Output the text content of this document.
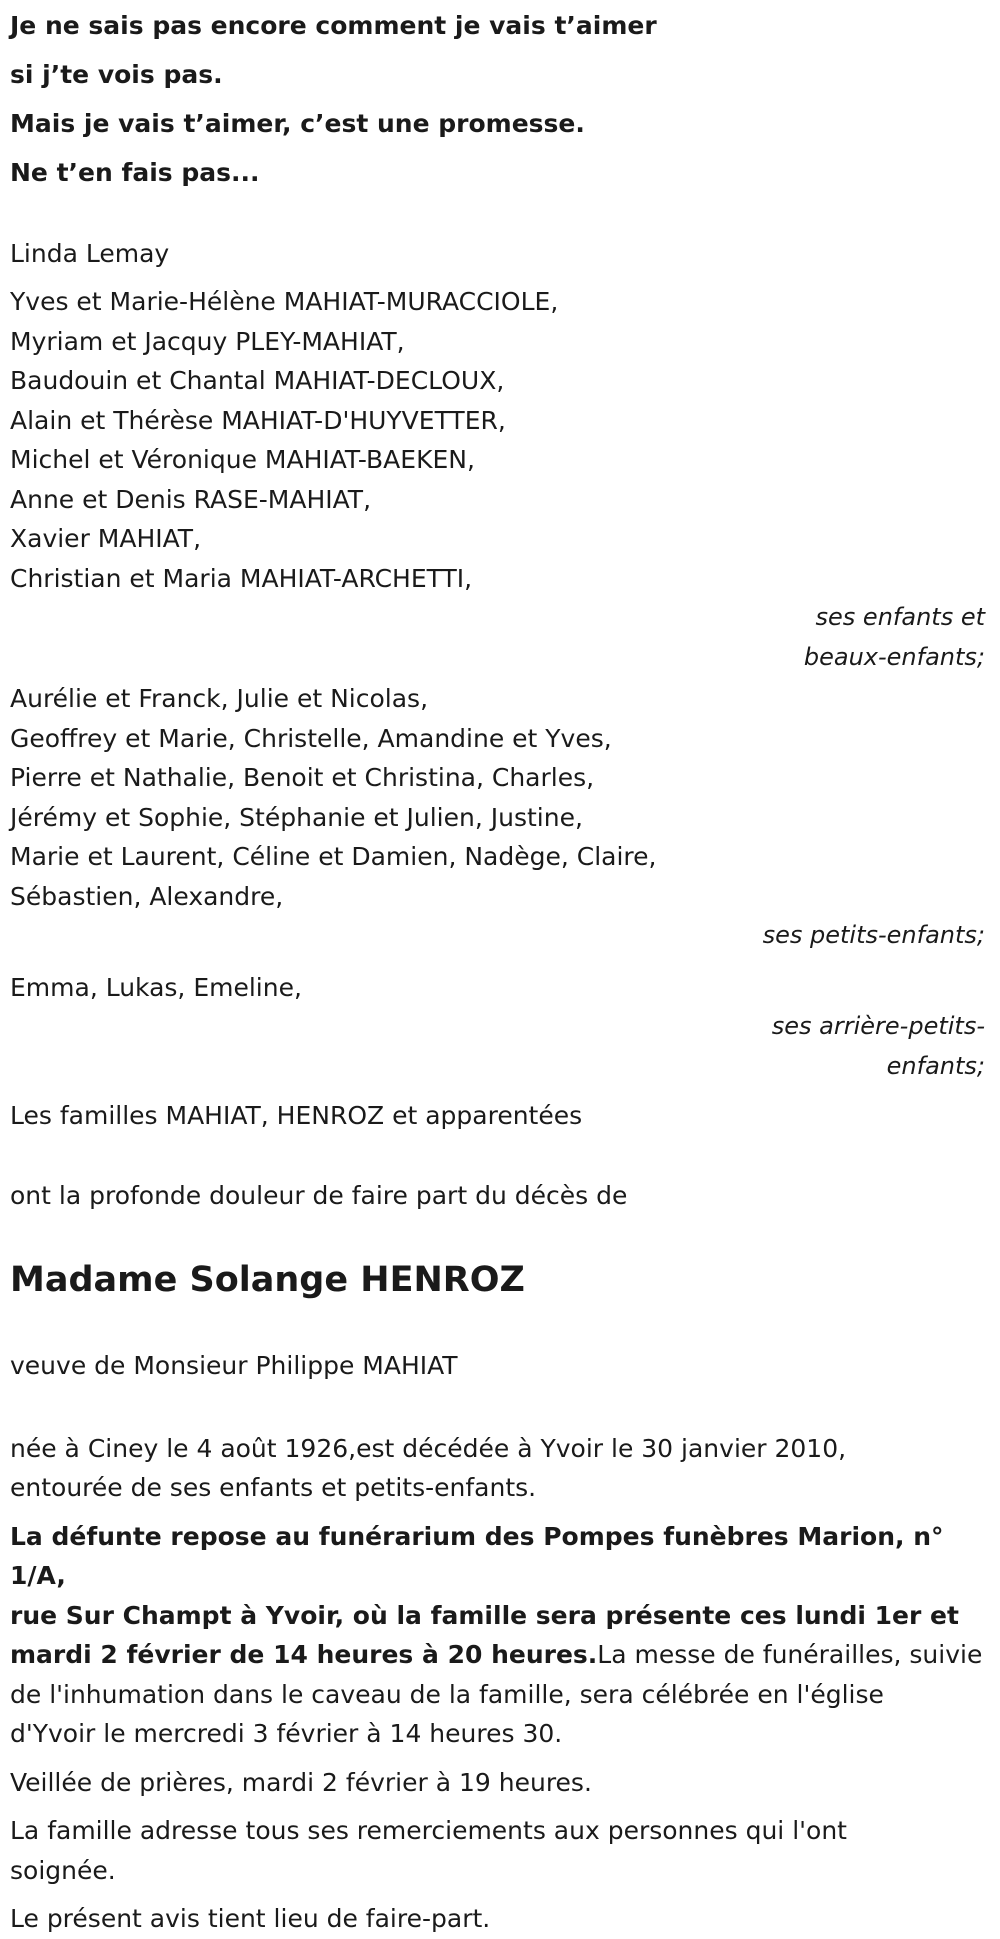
Je ne sais pas encore comment je vais t’aimer
si j’te vois pas.
Mais je vais t’aimer, c’est une promesse.
Ne t’en fais pas...
Linda Lemay
Yves et Marie-Hélène MAHIAT-MURACCIOLE,
Myriam et Jacquy PLEY-MAHIAT,
Baudouin et Chantal MAHIAT-DECLOUX,
Alain et Thérèse MAHIAT-D'HUYVETTER,
Michel et Véronique MAHIAT-BAEKEN,
Anne et Denis RASE-MAHIAT,
Xavier MAHIAT,
Christian et Maria MAHIAT-ARCHETTI,
ses enfants et
beaux-enfants;
Aurélie et Franck, Julie et Nicolas,
Geoffrey et Marie, Christelle, Amandine et Yves,
Pierre et Nathalie, Benoit et Christina, Charles,
Jérémy et Sophie, Stéphanie et Julien, Justine,
Marie et Laurent, Céline et Damien, Nadège, Claire,
Sébastien, Alexandre,
ses petits-enfants;
Emma, Lukas, Emeline,
ses arrière-petits-
enfants;
Les familles MAHIAT, HENROZ et apparentées
ont la profonde douleur de faire part du décès de
Madame Solange HENROZ
veuve de Monsieur Philippe MAHIAT
née à Ciney le 4 août 1926,est décédée à Yvoir le 30 janvier 2010,
entourée de ses enfants et petits-enfants.
La défunte repose au funérarium des Pompes funèbres Marion, n° 1/A,
rue Sur Champt à Yvoir, où la famille sera présente ces lundi 1er et
mardi 2 février de 14 heures à 20 heures.La messe de funérailles, suivie
de l'inhumation dans le caveau de la famille, sera célébrée en l'église
d'Yvoir le mercredi 3 février à 14 heures 30.
Veillée de prières, mardi 2 février à 19 heures.
La famille adresse tous ses remerciements aux personnes qui l'ont
soignée.
Le présent avis tient lieu de faire-part.
